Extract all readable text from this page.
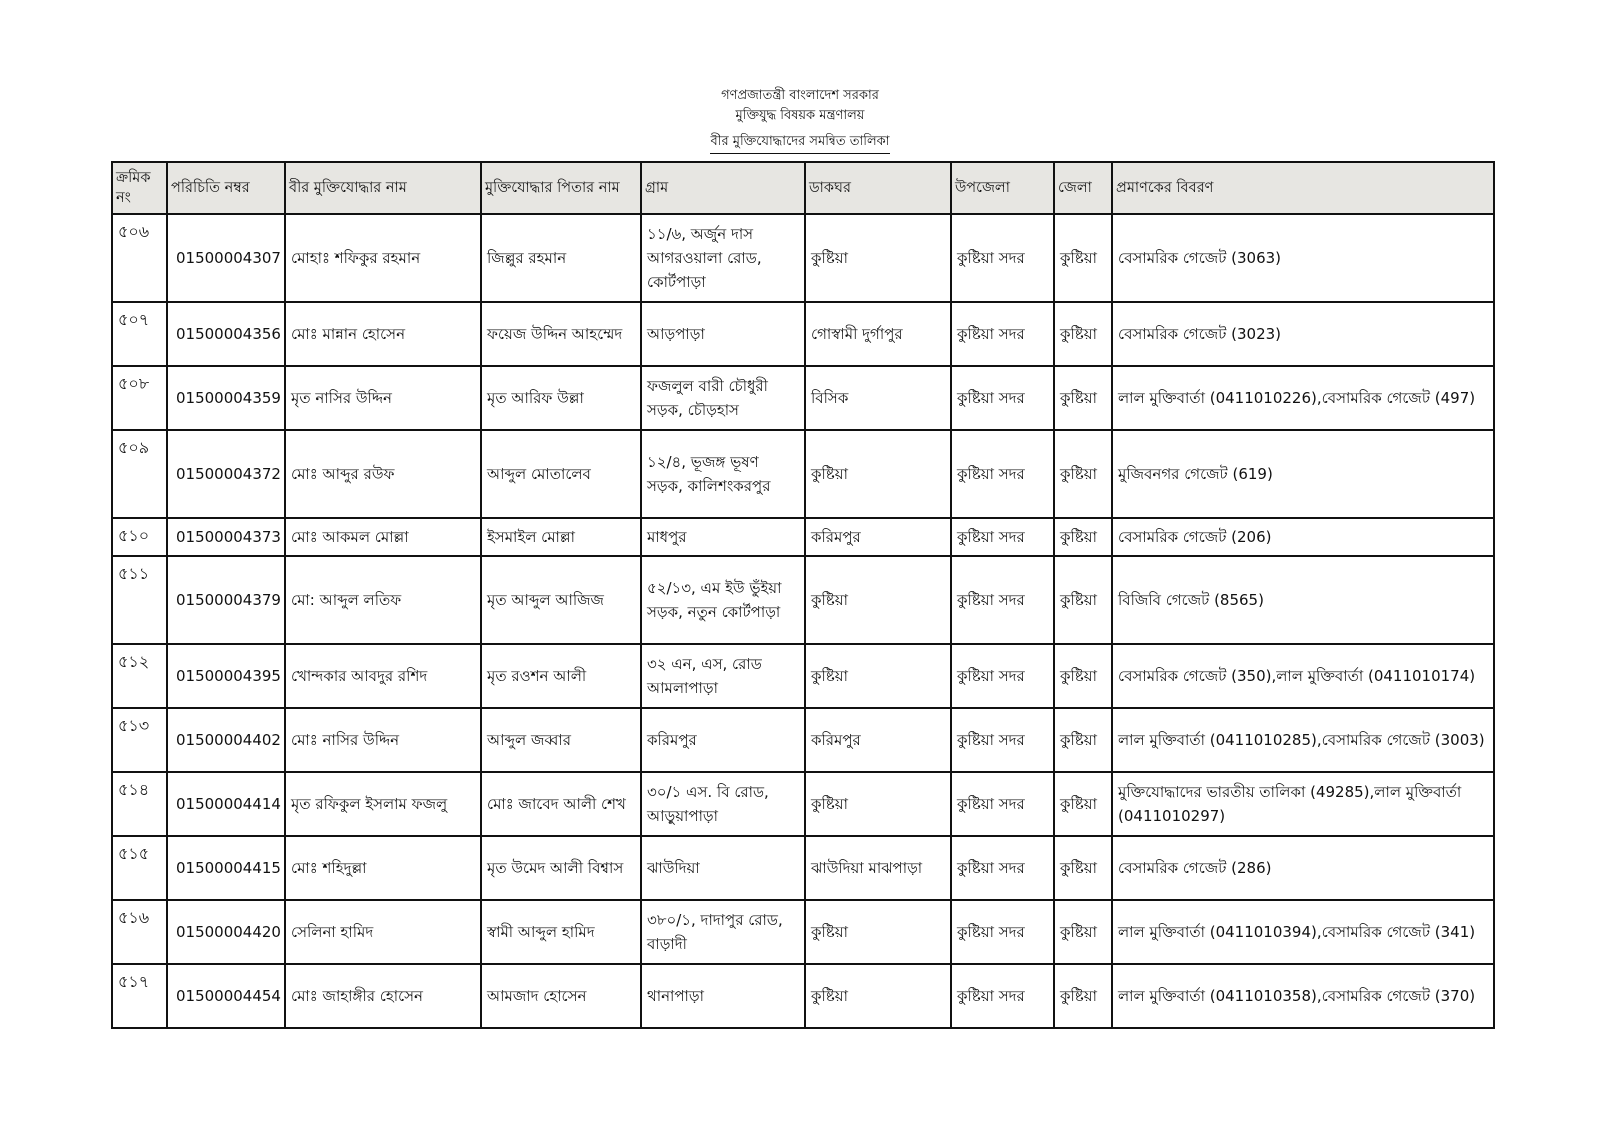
গণপ্রজাতন্ত্রী বাংলাদেশ সরকার
মুক্তিযুদ্ধ বিষয়ক মন্ত্রণালয়
বীর মুক্তিযোদ্ধাদের সমন্বিত তালিকা
ক্রমিক নং	পরিচিতি নম্বর	বীর মুক্তিযোদ্ধার নাম	মুক্তিযোদ্ধার পিতার নাম	গ্রাম	ডাকঘর	উপজেলা	জেলা	প্রমাণকের বিবরণ
৫০৬	01500004307	মোহাঃ শফিকুর রহমান	জিল্লুর রহমান	১১/৬, অর্জুন দাস আগরওয়ালা রোড, কোর্টপাড়া	কুষ্টিয়া	কুষ্টিয়া সদর	কুষ্টিয়া	বেসামরিক গেজেট (3063)
৫০৭	01500004356	মোঃ মান্নান হোসেন	ফয়েজ উদ্দিন আহম্মেদ	আড়পাড়া	গোস্বামী দুর্গাপুর	কুষ্টিয়া সদর	কুষ্টিয়া	বেসামরিক গেজেট (3023)
৫০৮	01500004359	মৃত নাসির উদ্দিন	মৃত আরিফ উল্লা	ফজলুল বারী চৌধুরী সড়ক, চৌড়হাস	বিসিক	কুষ্টিয়া সদর	কুষ্টিয়া	লাল মুক্তিবার্তা (0411010226),বেসামরিক গেজেট (497)
৫০৯	01500004372	মোঃ আব্দুর রউফ	আব্দুল মোতালেব	১২/৪, ভূজঙ্গ ভূষণ সড়ক, কালিশংকরপুর	কুষ্টিয়া	কুষ্টিয়া সদর	কুষ্টিয়া	মুজিবনগর গেজেট (619)
৫১০	01500004373	মোঃ আকমল মোল্লা	ইসমাইল মোল্লা	মাধপুর	করিমপুর	কুষ্টিয়া সদর	কুষ্টিয়া	বেসামরিক গেজেট (206)
৫১১	01500004379	মো: আব্দুল লতিফ	মৃত আব্দুল আজিজ	৫২/১৩, এম ইউ ভুঁইয়া সড়ক, নতুন কোর্টপাড়া	কুষ্টিয়া	কুষ্টিয়া সদর	কুষ্টিয়া	বিজিবি গেজেট (8565)
৫১২	01500004395	খোন্দকার আবদুর রশিদ	মৃত রওশন আলী	৩২ এন, এস, রোড আমলাপাড়া	কুষ্টিয়া	কুষ্টিয়া সদর	কুষ্টিয়া	বেসামরিক গেজেট (350),লাল মুক্তিবার্তা (0411010174)
৫১৩	01500004402	মোঃ নাসির উদ্দিন	আব্দুল জব্বার	করিমপুর	করিমপুর	কুষ্টিয়া সদর	কুষ্টিয়া	লাল মুক্তিবার্তা (0411010285),বেসামরিক গেজেট (3003)
৫১৪	01500004414	মৃত রফিকুল ইসলাম ফজলু	মোঃ জাবেদ আলী শেখ	৩০/১ এস. বি রোড, আড়ুয়াপাড়া	কুষ্টিয়া	কুষ্টিয়া সদর	কুষ্টিয়া	মুক্তিযোদ্ধাদের ভারতীয় তালিকা (49285),লাল মুক্তিবার্তা (0411010297)
৫১৫	01500004415	মোঃ শহিদুল্লা	মৃত উমেদ আলী বিশ্বাস	ঝাউদিয়া	ঝাউদিয়া মাঝপাড়া	কুষ্টিয়া সদর	কুষ্টিয়া	বেসামরিক গেজেট (286)
৫১৬	01500004420	সেলিনা হামিদ	স্বামী আব্দুল হামিদ	৩৮০/১, দাদাপুর রোড, বাড়াদী	কুষ্টিয়া	কুষ্টিয়া সদর	কুষ্টিয়া	লাল মুক্তিবার্তা (0411010394),বেসামরিক গেজেট (341)
৫১৭	01500004454	মোঃ জাহাঙ্গীর হোসেন	আমজাদ হোসেন	থানাপাড়া	কুষ্টিয়া	কুষ্টিয়া সদর	কুষ্টিয়া	লাল মুক্তিবার্তা (0411010358),বেসামরিক গেজেট (370)
